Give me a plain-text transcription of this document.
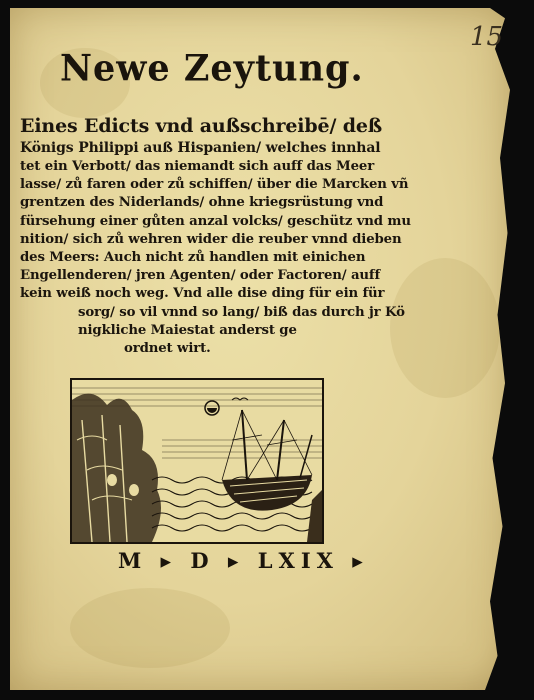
15
Newe Zeytung.
Eines Edicts vnd außschreibē/ deß
Königs Philippi auß Hispanien/ welches innhal
tet ein Verbott/ das niemandt sich auff das Meer
lasse/ zů faren oder zů schiffen/ über die Marcken vñ
grentzen des Niderlands/ ohne kriegsrüstung vnd
fürsehung einer gůten anzal volcks/ geschütz vnd mu
nition/ sich zů wehren wider die reuber vnnd dieben
des Meers: Auch nicht zů handlen mit einichen
Engellenderen/ jren Agenten/ oder Factoren/ auff
kein weiß noch weg. Vnd alle dise ding für ein für
sorg/ so vil vnnd so lang/ biß das durch jr Kö
nigkliche Maiestat anderst ge
ordnet wirt.
M ▸ D ▸ LXIX ▸
